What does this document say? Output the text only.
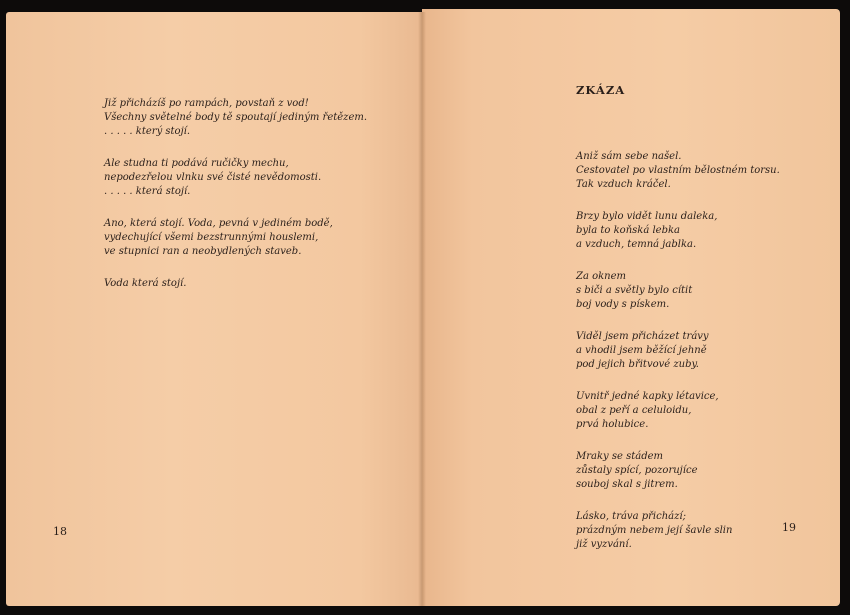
Již přicházíš po rampách, povstaň z vod!
Všechny světelné body tě spoutají jediným řetězem.
. . . . . který stojí.
Ale studna ti podává ručičky mechu,
nepodezřelou vlnku své čisté nevědomosti.
. . . . . která stojí.
Ano, která stojí. Voda, pevná v jediném bodě,
vydechující všemi bezstrunnými houslemi,
ve stupnici ran a neobydlených staveb.
Voda která stojí.
18
ZKÁZA
Aniž sám sebe našel.
Cestovatel po vlastním bělostném torsu.
Tak vzduch kráčel.
Brzy bylo vidět lunu daleka,
byla to koňská lebka
a vzduch, temná jablka.
Za oknem
s biči a světly bylo cítit
boj vody s pískem.
Viděl jsem přicházet trávy
a vhodil jsem běžící jehně
pod jejich břitvové zuby.
Uvnitř jedné kapky létavice,
obal z peří a celuloidu,
prvá holubice.
Mraky se stádem
zůstaly spící, pozorujíce
souboj skal s jitrem.
Lásko, tráva přichází;
prázdným nebem její šavle slin
již vyzvání.
19
